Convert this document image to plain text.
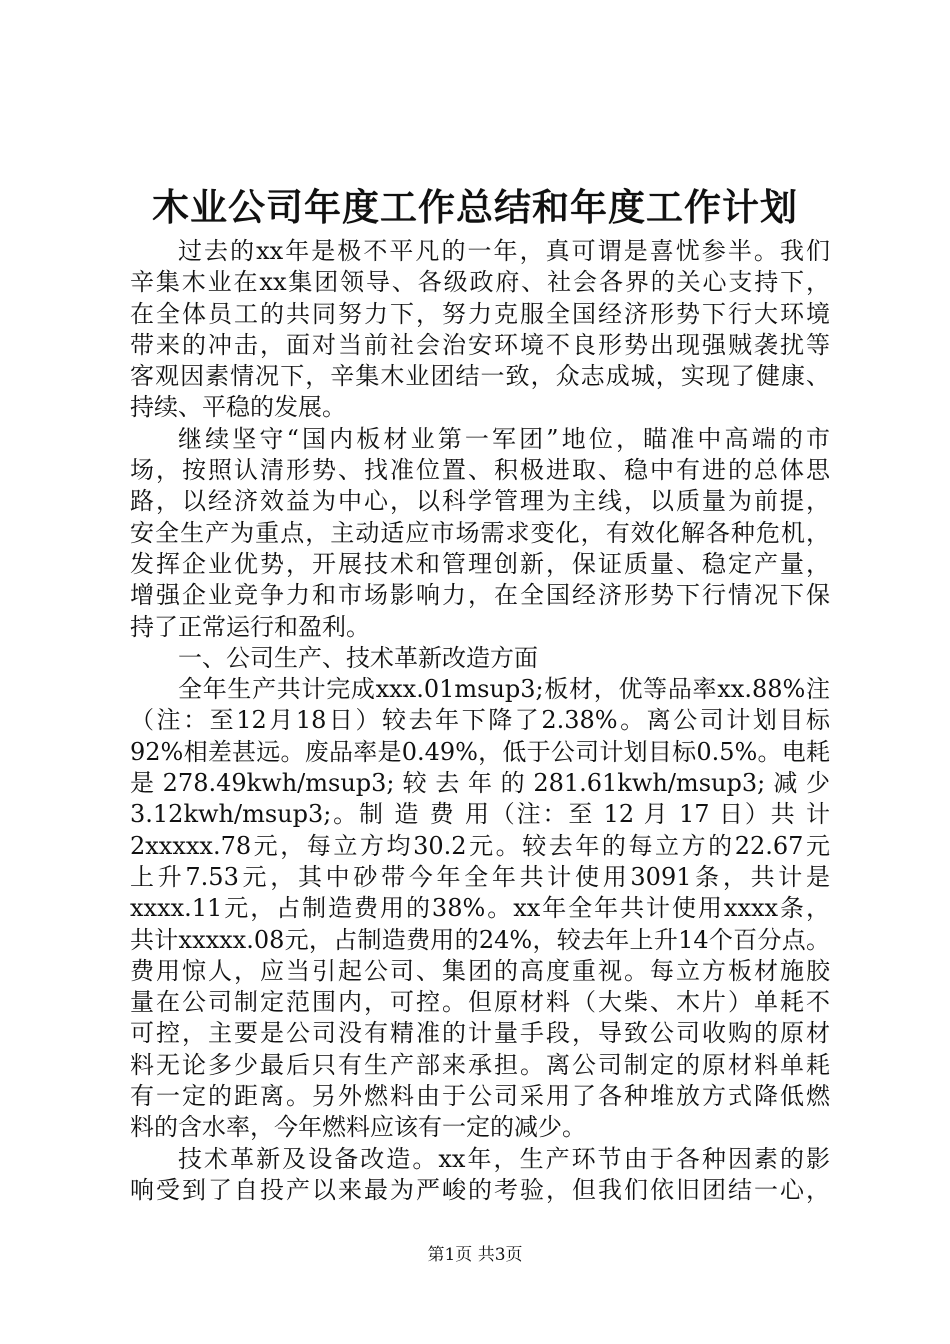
木业公司年度工作总结和年度工作计划
过去的xx年是极不平凡的一年，真可谓是喜忧参半。我们
辛集木业在xx集团领导、各级政府、社会各界的关心支持下，
在全体员工的共同努力下，努力克服全国经济形势下行大环境
带来的冲击，面对当前社会治安环境不良形势出现强贼袭扰等
客观因素情况下，辛集木业团结一致，众志成城，实现了健康、
持续、平稳的发展。
继续坚守“国内板材业第一军团”地位，瞄准中高端的市
场，按照认清形势、找准位置、积极进取、稳中有进的总体思
路，以经济效益为中心，以科学管理为主线，以质量为前提，
安全生产为重点，主动适应市场需求变化，有效化解各种危机，
发挥企业优势，开展技术和管理创新，保证质量、稳定产量，
增强企业竞争力和市场影响力，在全国经济形势下行情况下保
持了正常运行和盈利。
一、公司生产、技术革新改造方面
全年生产共计完成xxx.01msup3;板材，优等品率xx.88%注
（注：至12月18日）较去年下降了2.38%。离公司计划目标
92%相差甚远。废品率是0.49%，低于公司计划目标0.5%。电耗
是 278.49kwh/msup3; 较 去 年 的 281.61kwh/msup3; 减 少
3.12kwh/msup3;。制 造 费 用（注：至 12 月 17 日）共 计
2xxxxx.78元，每立方均30.2元。较去年的每立方的22.67元
上升7.53元，其中砂带今年全年共计使用3091条，共计是
xxxx.11元，占制造费用的38%。xx年全年共计使用xxxx条，
共计xxxxx.08元，占制造费用的24%，较去年上升14个百分点。
费用惊人，应当引起公司、集团的高度重视。每立方板材施胶
量在公司制定范围内，可控。但原材料（大柴、木片）单耗不
可控，主要是公司没有精准的计量手段，导致公司收购的原材
料无论多少最后只有生产部来承担。离公司制定的原材料单耗
有一定的距离。另外燃料由于公司采用了各种堆放方式降低燃
料的含水率，今年燃料应该有一定的减少。
技术革新及设备改造。xx年，生产环节由于各种因素的影
响受到了自投产以来最为严峻的考验，但我们依旧团结一心，
第1页 共3页
